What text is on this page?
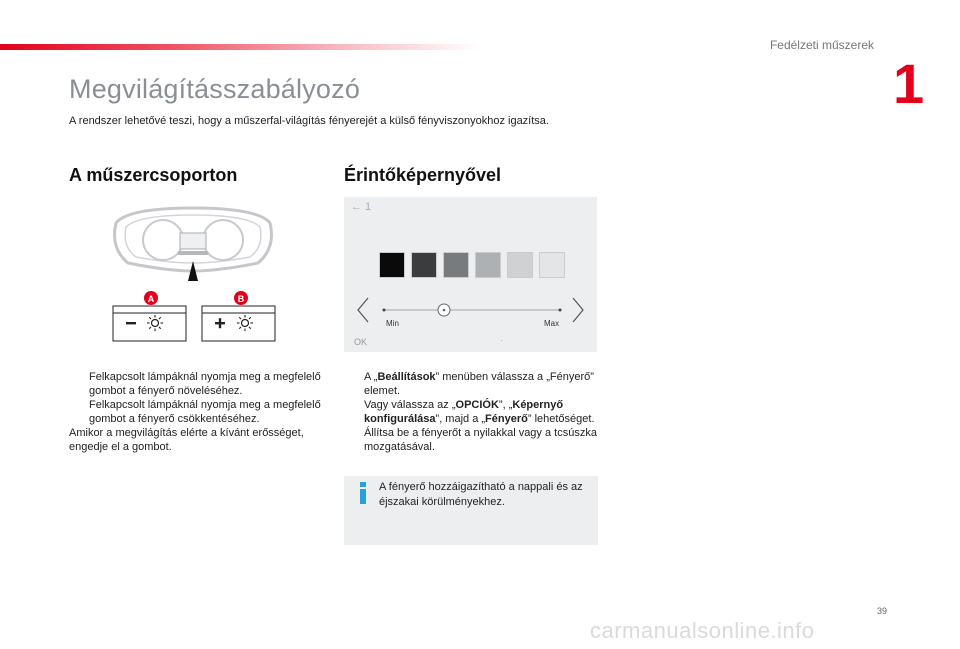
Fedélzeti műszerek
1
Megvilágításszabályozó
A rendszer lehetővé teszi, hogy a műszerfal-világítás fényerejét a külső fényviszonyokhoz igazítsa.
A műszercsoporton	Érintőképernyővel
A	B
← 1
Min	Max
OK	·
Felkapcsolt lámpáknál nyomja meg a megfelelő gombot a fényerő növeléséhez.
Felkapcsolt lámpáknál nyomja meg a megfelelő gombot a fényerő csökkentéséhez.
Amikor a megvilágítás elérte a kívánt erősséget, engedje el a gombot.
A „Beállítások” menüben válassza a „Fényerő” elemet.
Vagy válassza az „OPCIÓK”, „Képernyő konfigurálása”, majd a „Fényerő” lehetőséget.
Állítsa be a fényerőt a nyilakkal vagy a tcsúszka mozgatásával.
A fényerő hozzáigazítható a nappali és az éjszakai körülményekhez.
39
carmanualsonline.info
